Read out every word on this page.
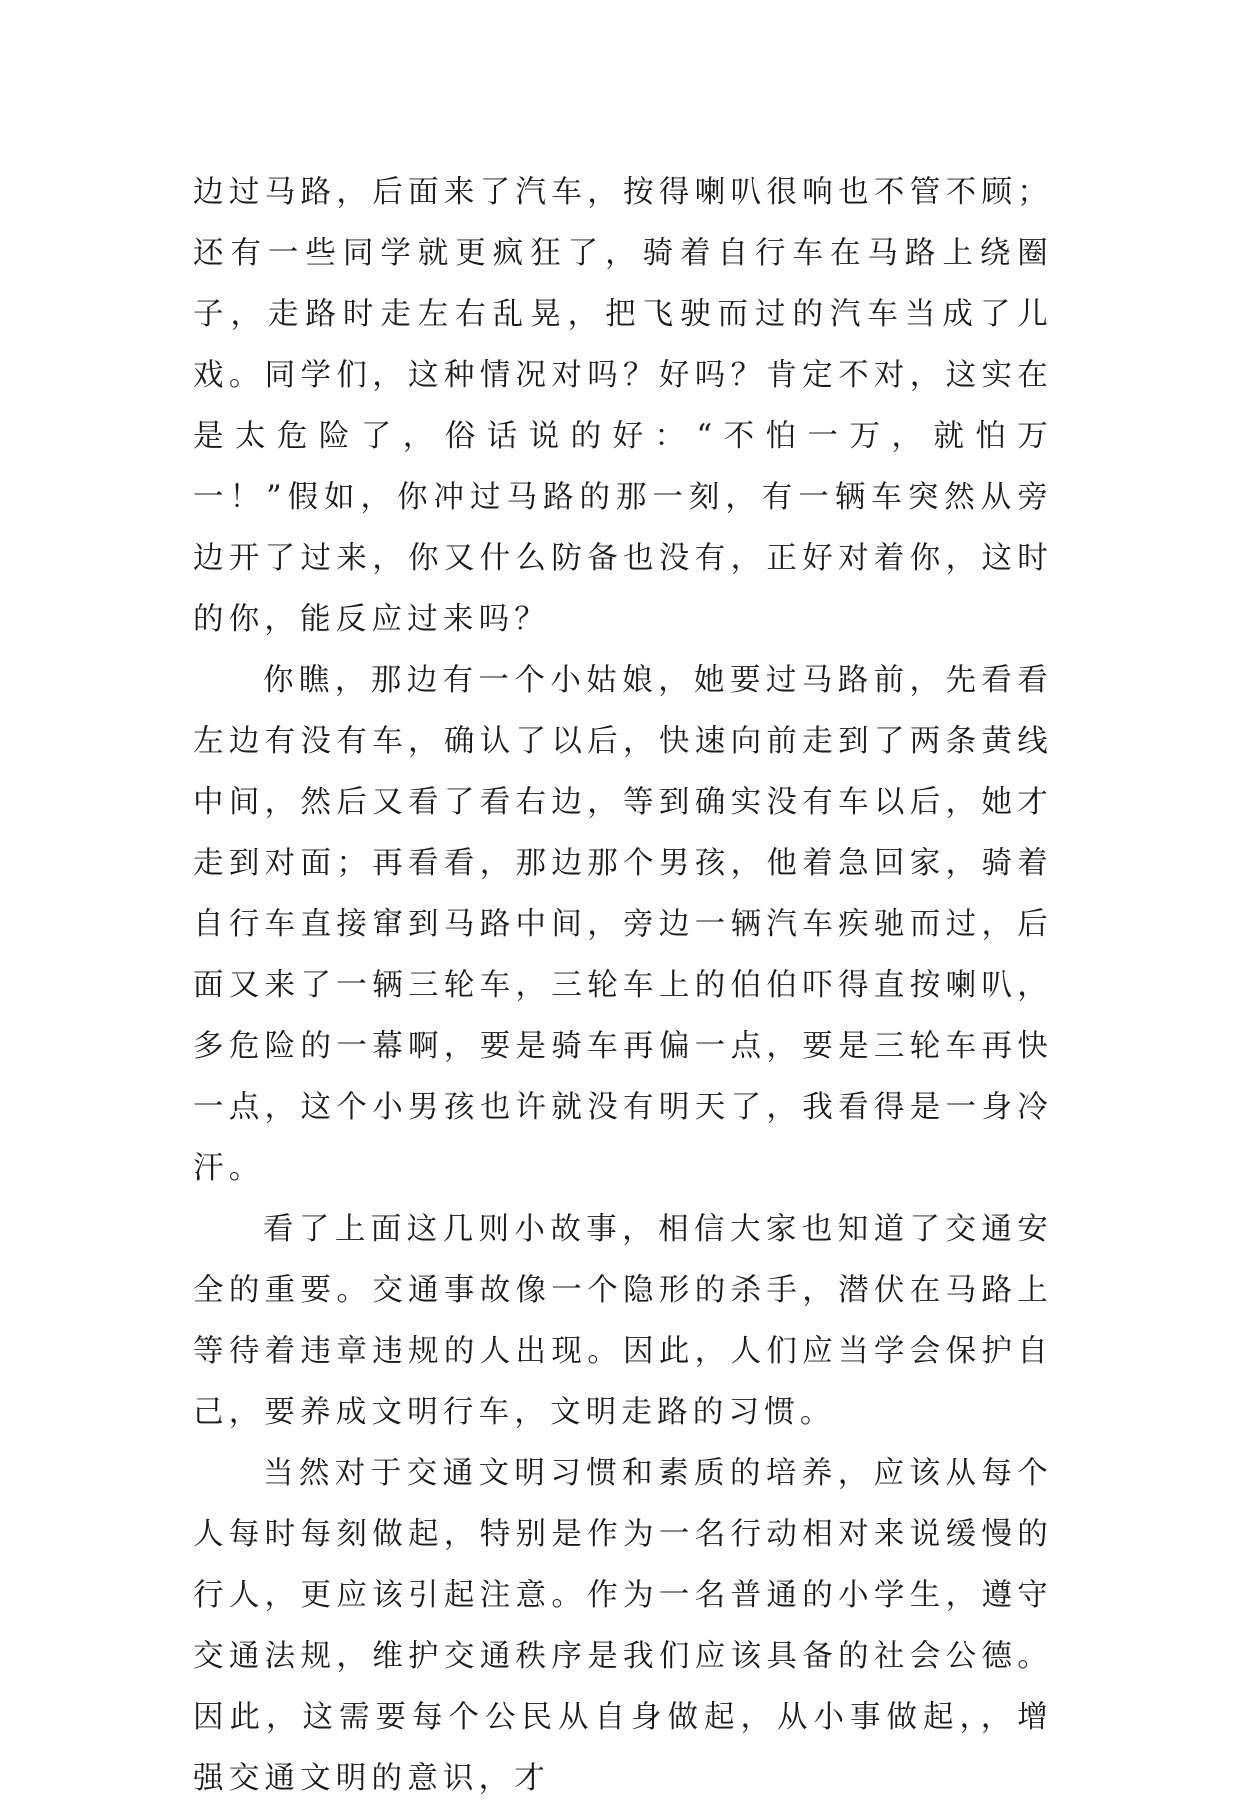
边过马路，后面来了汽车，按得喇叭很响也不管不顾；还有一些同学就更疯狂了，骑着自行车在马路上绕圈子，走路时走左右乱晃，把飞驶而过的汽车当成了儿戏。同学们，这种情况对吗？好吗？肯定不对，这实在是太危险了，俗话说的好：“不怕一万，就怕万一！”假如，你冲过马路的那一刻，有一辆车突然从旁边开了过来，你又什么防备也没有，正好对着你，这时的你，能反应过来吗？

你瞧，那边有一个小姑娘，她要过马路前，先看看左边有没有车，确认了以后，快速向前走到了两条黄线中间，然后又看了看右边，等到确实没有车以后，她才走到对面；再看看，那边那个男孩，他着急回家，骑着自行车直接窜到马路中间，旁边一辆汽车疾驰而过，后面又来了一辆三轮车，三轮车上的伯伯吓得直按喇叭，多危险的一幕啊，要是骑车再偏一点，要是三轮车再快一点，这个小男孩也许就没有明天了，我看得是一身冷汗。

看了上面这几则小故事，相信大家也知道了交通安全的重要。交通事故像一个隐形的杀手，潜伏在马路上等待着违章违规的人出现。因此，人们应当学会保护自己，要养成文明行车，文明走路的习惯。

当然对于交通文明习惯和素质的培养，应该从每个人每时每刻做起，特别是作为一名行动相对来说缓慢的行人，更应该引起注意。作为一名普通的小学生，遵守交通法规，维护交通秩序是我们应该具备的社会公德。因此，这需要每个公民从自身做起，从小事做起，，增强交通文明的意识，才
